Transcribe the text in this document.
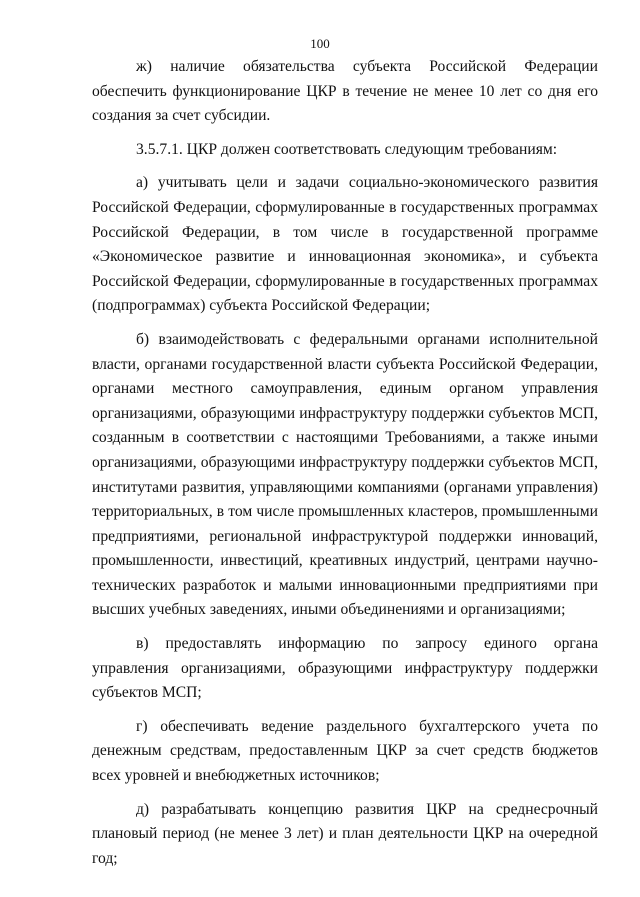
100

ж) наличие обязательства субъекта Российской Федерации обеспечить функционирование ЦКР в течение не менее 10 лет со дня его создания за счет субсидии.

3.5.7.1. ЦКР должен соответствовать следующим требованиям:

а) учитывать цели и задачи социально-экономического развития Российской Федерации, сформулированные в государственных программах Российской Федерации, в том числе в государственной программе «Экономическое развитие и инновационная экономика», и субъекта Российской Федерации, сформулированные в государственных программах (подпрограммах) субъекта Российской Федерации;

б) взаимодействовать с федеральными органами исполнительной власти, органами государственной власти субъекта Российской Федерации, органами местного самоуправления, единым органом управления организациями, образующими инфраструктуру поддержки субъектов МСП, созданным в соответствии с настоящими Требованиями, а также иными организациями, образующими инфраструктуру поддержки субъектов МСП, институтами развития, управляющими компаниями (органами управления) территориальных, в том числе промышленных кластеров, промышленными предприятиями, региональной инфраструктурой поддержки инноваций, промышленности, инвестиций, креативных индустрий, центрами научно-технических разработок и малыми инновационными предприятиями при высших учебных заведениях, иными объединениями и организациями;

в) предоставлять информацию по запросу единого органа управления организациями, образующими инфраструктуру поддержки субъектов МСП;

г) обеспечивать ведение раздельного бухгалтерского учета по денежным средствам, предоставленным ЦКР за счет средств бюджетов всех уровней и внебюджетных источников;

д) разрабатывать концепцию развития ЦКР на среднесрочный плановый период (не менее 3 лет) и план деятельности ЦКР на очередной год;
